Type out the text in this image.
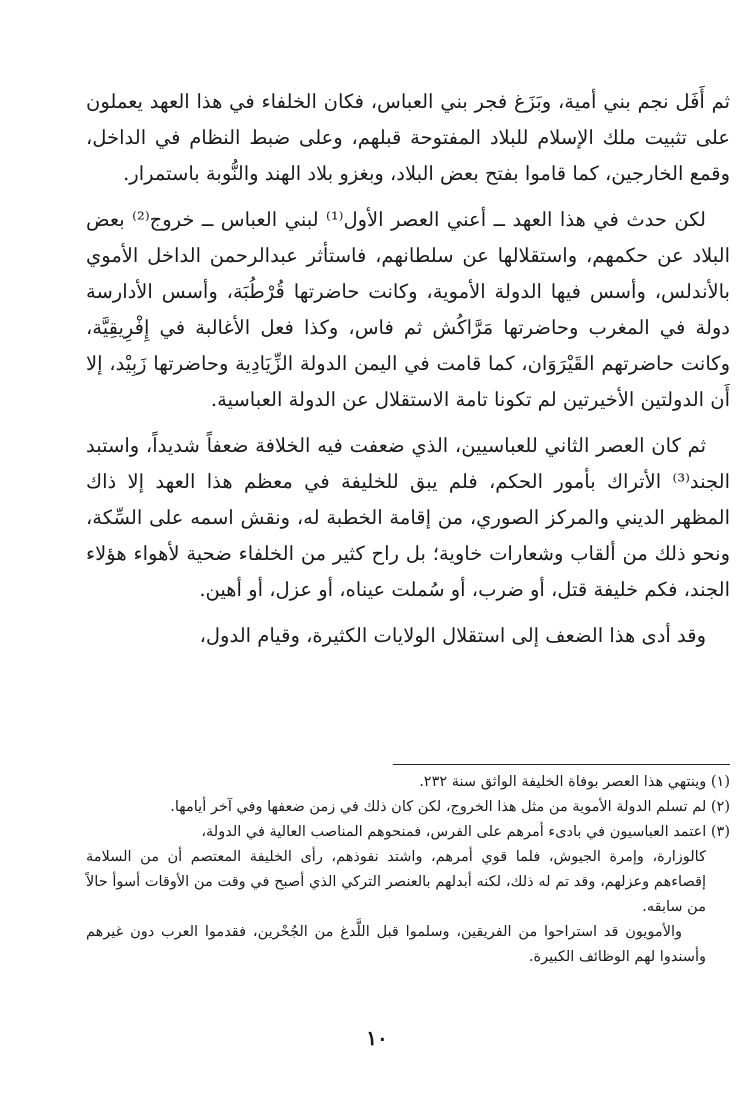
ثم أَفَل نجم بني أمية، وبَزَغ فجر بني العباس، فكان الخلفاء في هذا العهد يعملون على تثبيت ملك الإسلام للبلاد المفتوحة قبلهم، وعلى ضبط النظام في الداخل، وقمع الخارجين، كما قاموا بفتح بعض البلاد، وبغزو بلاد الهند والنُّوبة باستمرار.

لكن حدث في هذا العهد ــ أعني العصر الأول⁽¹⁾ لبني العباس ــ خروج⁽²⁾ بعض البلاد عن حكمهم، واستقلالها عن سلطانهم، فاستأثر عبدالرحمن الداخل الأموي بالأندلس، وأسس فيها الدولة الأموية، وكانت حاضرتها قُرْطُبَة، وأسس الأدارسة دولة في المغرب وحاضرتها مَرَّاكُش ثم فاس، وكذا فعل الأغالبة في إِفْرِيقِيَّة، وكانت حاضرتهم القَيْرَوَان، كما قامت في اليمن الدولة الزِّيَادِية وحاضرتها زَبِيْد، إلا أَن الدولتين الأخيرتين لم تكونا تامة الاستقلال عن الدولة العباسية.

ثم كان العصر الثاني للعباسيين، الذي ضعفت فيه الخلافة ضعفاً شديداً، واستبد الجند⁽³⁾ الأتراك بأمور الحكم، فلم يبق للخليفة في معظم هذا العهد إلا ذاك المظهر الديني والمركز الصوري، من إقامة الخطبة له، ونقش اسمه على السِّكة، ونحو ذلك من ألقاب وشعارات خاوية؛ بل راح كثير من الخلفاء ضحية لأهواء هؤلاء الجند، فكم خليفة قتل، أو ضرب، أو سُملت عيناه، أو عزل، أو أهين.

وقد أدى هذا الضعف إلى استقلال الولايات الكثيرة، وقيام الدول،

(١) وينتهي هذا العصر بوفاة الخليفة الواثق سنة ٢٣٢.

(٢) لم تسلم الدولة الأموية من مثل هذا الخروج، لكن كان ذلك في زمن ضعفها وفي آخر أيامها.

(٣) اعتمد العباسيون في بادىء أمرهم على الفرس، فمنحوهم المناصب العالية في الدولة،

كالوزارة، وإمرة الجيوش، فلما قوي أمرهم، واشتد نفوذهم، رأى الخليفة المعتصم أن من السلامة إقصاءهم وعزلهم، وقد تم له ذلك، لكنه أبدلهم بالعنصر التركي الذي أصبح في وقت من الأوقات أسوأ حالاً من سابقه.

والأمويون قد استراحوا من الفريقين، وسلموا قبل اللَّدغ من الجُحْرين، فقدموا العرب دون غيرهم وأسندوا لهم الوظائف الكبيرة.

١٠
